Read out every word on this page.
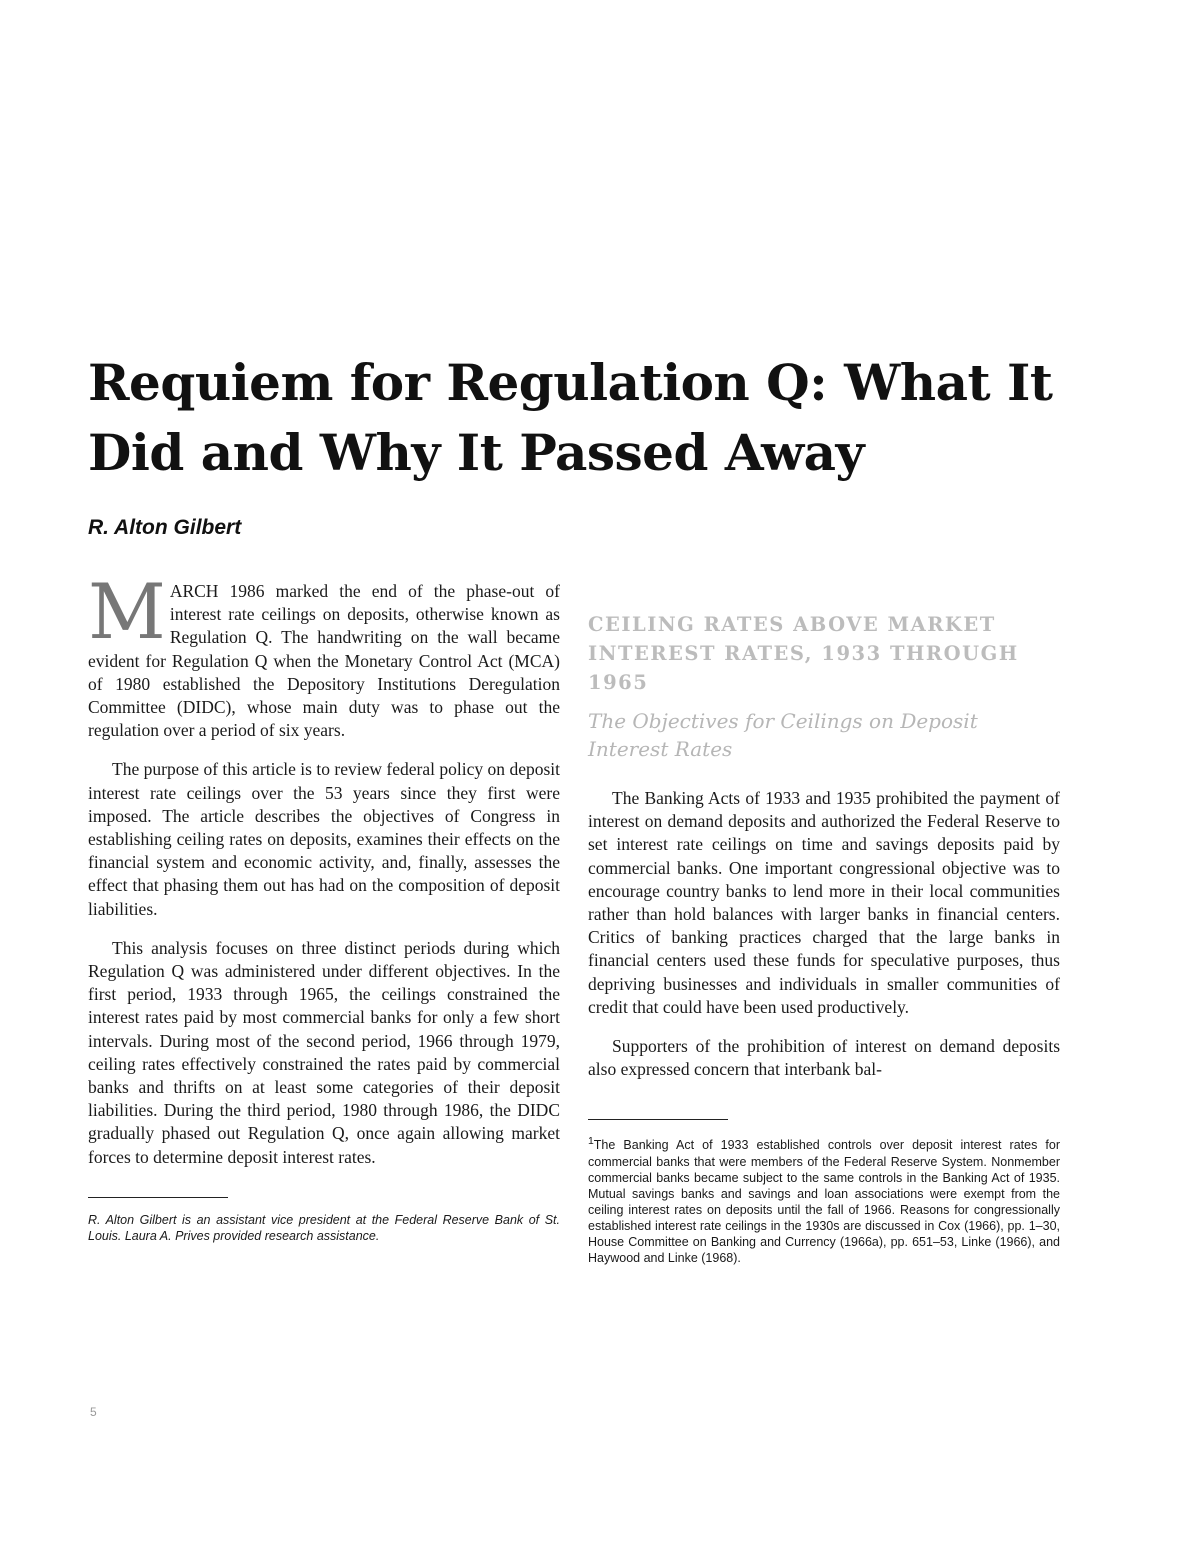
Requiem for Regulation Q: What It
Did and Why It Passed Away

R. Alton Gilbert

MARCH 1986 marked the end of the phase-out of interest rate ceilings on deposits, otherwise known as Regulation Q. The handwriting on the wall became evident for Regulation Q when the Monetary Control Act (MCA) of 1980 established the Depository Institutions Deregulation Committee (DIDC), whose main duty was to phase out the regulation over a period of six years.

The purpose of this article is to review federal policy on deposit interest rate ceilings over the 53 years since they first were imposed. The article describes the objectives of Congress in establishing ceiling rates on deposits, examines their effects on the financial system and economic activity, and, finally, assesses the effect that phasing them out has had on the composition of deposit liabilities.

This analysis focuses on three distinct periods during which Regulation Q was administered under different objectives. In the first period, 1933 through 1965, the ceilings constrained the interest rates paid by most commercial banks for only a few short intervals. During most of the second period, 1966 through 1979, ceiling rates effectively constrained the rates paid by commercial banks and thrifts on at least some categories of their deposit liabilities. During the third period, 1980 through 1986, the DIDC gradually phased out Regulation Q, once again allowing market forces to determine deposit interest rates.

R. Alton Gilbert is an assistant vice president at the Federal Reserve Bank of St. Louis. Laura A. Prives provided research assistance.

CEILING RATES ABOVE MARKET INTEREST RATES, 1933 THROUGH 1965
The Objectives for Ceilings on Deposit Interest Rates

The Banking Acts of 1933 and 1935 prohibited the payment of interest on demand deposits and authorized the Federal Reserve to set interest rate ceilings on time and savings deposits paid by commercial banks. One important congressional objective was to encourage country banks to lend more in their local communities rather than hold balances with larger banks in financial centers. Critics of banking practices charged that the large banks in financial centers used these funds for speculative purposes, thus depriving businesses and individuals in smaller communities of credit that could have been used productively.

Supporters of the prohibition of interest on demand deposits also expressed concern that interbank bal-

$^1$The Banking Act of 1933 established controls over deposit interest rates for commercial banks that were members of the Federal Reserve System. Nonmember commercial banks became subject to the same controls in the Banking Act of 1935. Mutual savings banks and savings and loan associations were exempt from the ceiling interest rates on deposits until the fall of 1966. Reasons for congressionally established interest rate ceilings in the 1930s are discussed in Cox (1966), pp. 1–30, House Committee on Banking and Currency (1966a), pp. 651–53, Linke (1966), and Haywood and Linke (1968).

5
